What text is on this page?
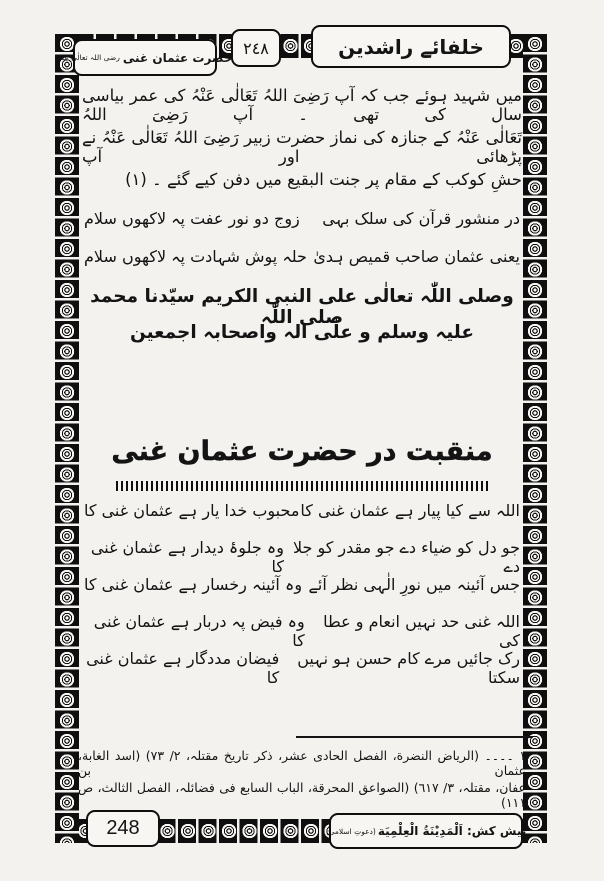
خلفائے راشدین
٢٤٨
حضرت عثمان غنی
رضی اللہ تعالٰی عنہ
میں شہید ہوئے جب کہ آپ رَضِیَ اللہُ تَعَالٰی عَنْہُ کی عمر بیاسی سال کی تھی ۔ آپ رَضِیَ اللہُ
تَعَالٰی عَنْہُ کے جنازہ کی نماز حضرت زبیر رَضِیَ اللہُ تَعَالٰی عَنْہُ نے پڑھائی اور آپ
حشِ کوکب کے مقام پر جنت البقیع میں دفن کیے گئے ۔ (١)
در منشور قرآن کی سلک بہی
زوج دو نور عفت پہ لاکھوں سلام
یعنی عثمان صاحب قمیص ہدیٰ
حلہ پوش شہادت پہ لاکھوں سلام
وصلی اللّٰہ تعالٰی علی النبی الکریم سیّدنا محمد صلی اللّٰہ
علیہ وسلم و علٰی الہ واصحابہ اجمعین
منقبت در حضرت عثمان غنی
اللہ سے کیا پیار ہے عثمان غنی کا
محبوب خدا یار ہے عثمان غنی کا
جو دل کو ضیاء دے جو مقدر کو جلا دے
وہ جلوۂ دیدار ہے عثمان غنی کا
جس آئینہ میں نورِ الٰہی نظر آئے
وہ آئینہ رخسار ہے عثمان غنی کا
اللہ غنی حد نہیں انعام و عطا کی
وہ فیض پہ دربار ہے عثمان غنی کا
رک جائیں مرے کام حسن ہو نہیں سکتا
فیضان مددگار ہے عثمان غنی کا
١ ۔۔۔۔ (الریاض النضرة، الفصل الحادی عشر، ذکر تاریخ مقتلہ، ٢/ ٧٣) (اسد الغابة، عثمان بن
عفان، مقتلہ، ٣/ ٦١٧) (الصواعق المحرقة، الباب السابع فی فضائلہ، الفصل الثالث، ص ١١١)
248	پیش کش: اَلْمَدِیْنَةُ الْعِلْمِیَة
(دعوتِ اسلامی)
